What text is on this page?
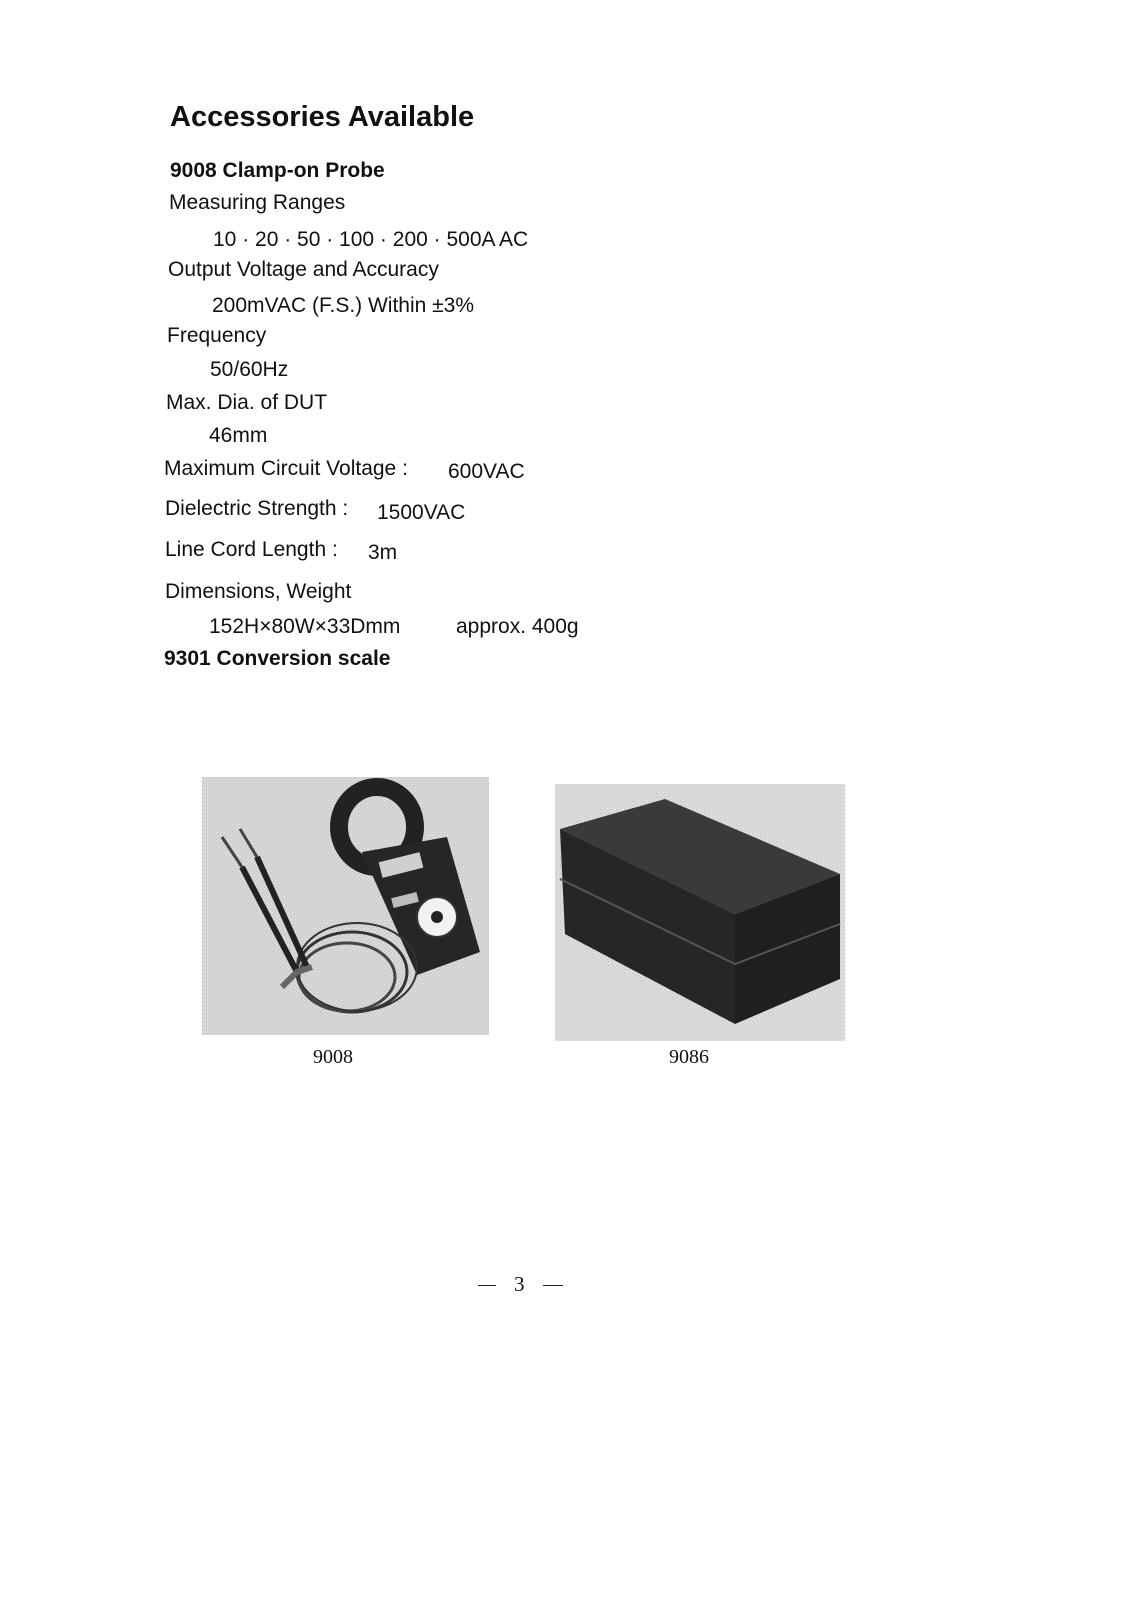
Accessories Available
9008 Clamp-on Probe
Measuring Ranges
10 · 20 · 50 · 100 · 200 · 500A AC
Output Voltage and Accuracy
200mVAC (F.S.) Within ±3%
Frequency
50/60Hz
Max. Dia. of DUT
46mm
Maximum Circuit Voltage : 600VAC
Dielectric Strength : 1500VAC
Line Cord Length : 3m
Dimensions, Weight
152H×80W×33Dmm	approx. 400g
9301 Conversion scale
9008	9086
3
